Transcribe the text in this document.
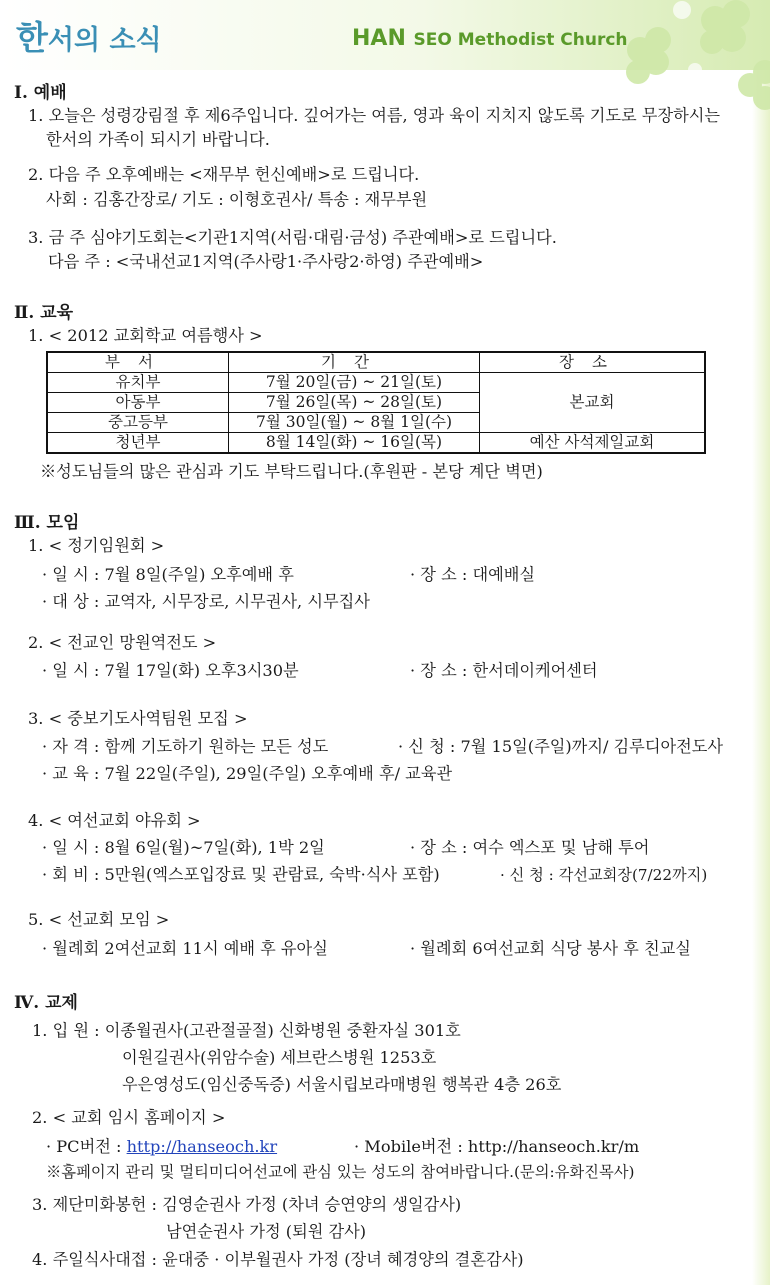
한서의 소식	HAN SEO Methodist Church
Ⅰ. 예배
1. 오늘은 성령강림절 후 제6주입니다. 깊어가는 여름, 영과 육이 지치지 않도록 기도로 무장하시는
한서의 가족이 되시기 바랍니다.
2. 다음 주 오후예배는 <재무부 헌신예배>로 드립니다.
사회 : 김홍간장로/ 기도 : 이형호권사/ 특송 : 재무부원
3. 금 주 심야기도회는<기관1지역(서림·대림·금성) 주관예배>로 드립니다.
다음 주 : <국내선교1지역(주사랑1·주사랑2·하영) 주관예배>
Ⅱ. 교육
1. < 2012 교회학교 여름행사 >
부서	기간	장소
유치부	7월 20일(금) ~ 21일(토)	본교회
아동부	7월 26일(목) ~ 28일(토)	
중고등부	7월 30일(월) ~ 8월 1일(수)	
청년부	8월 14일(화) ~ 16일(목)	예산 사석제일교회
※성도님들의 많은 관심과 기도 부탁드립니다.(후원판 - 본당 계단 벽면)
Ⅲ. 모임
1. < 정기임원회 >
· 일 시 : 7월 8일(주일) 오후예배 후	· 장 소 : 대예배실
· 대 상 : 교역자, 시무장로, 시무권사, 시무집사
2. < 전교인 망원역전도 >
· 일 시 : 7월 17일(화) 오후3시30분	· 장 소 : 한서데이케어센터
3. < 중보기도사역팀원 모집 >
· 자 격 : 함께 기도하기 원하는 모든 성도	· 신 청 : 7월 15일(주일)까지/ 김루디아전도사
· 교 육 : 7월 22일(주일), 29일(주일) 오후예배 후/ 교육관
4. < 여선교회 야유회 >
· 일 시 : 8월 6일(월)~7일(화), 1박 2일	· 장 소 : 여수 엑스포 및 남해 투어
· 회 비 : 5만원(엑스포입장료 및 관람료, 숙박·식사 포함)	· 신 청 : 각선교회장(7/22까지)
5. < 선교회 모임 >
· 월례회 2여선교회 11시 예배 후 유아실	· 월례회 6여선교회 식당 봉사 후 친교실
Ⅳ. 교제
1. 입 원 : 이종월권사(고관절골절) 신화병원 중환자실 301호
이원길권사(위암수술) 세브란스병원 1253호
우은영성도(임신중독증) 서울시립보라매병원 행복관 4층 26호
2. < 교회 임시 홈페이지 >
· PC버전 : http://hanseoch.kr	· Mobile버전 : http://hanseoch.kr/m
※홈페이지 관리 및 멀티미디어선교에 관심 있는 성도의 참여바랍니다.(문의:유화진목사)
3. 제단미화봉헌 : 김영순권사 가정 (차녀 승연양의 생일감사)
남연순권사 가정 (퇴원 감사)
4. 주일식사대접 : 윤대중 · 이부월권사 가정 (장녀 혜경양의 결혼감사)
